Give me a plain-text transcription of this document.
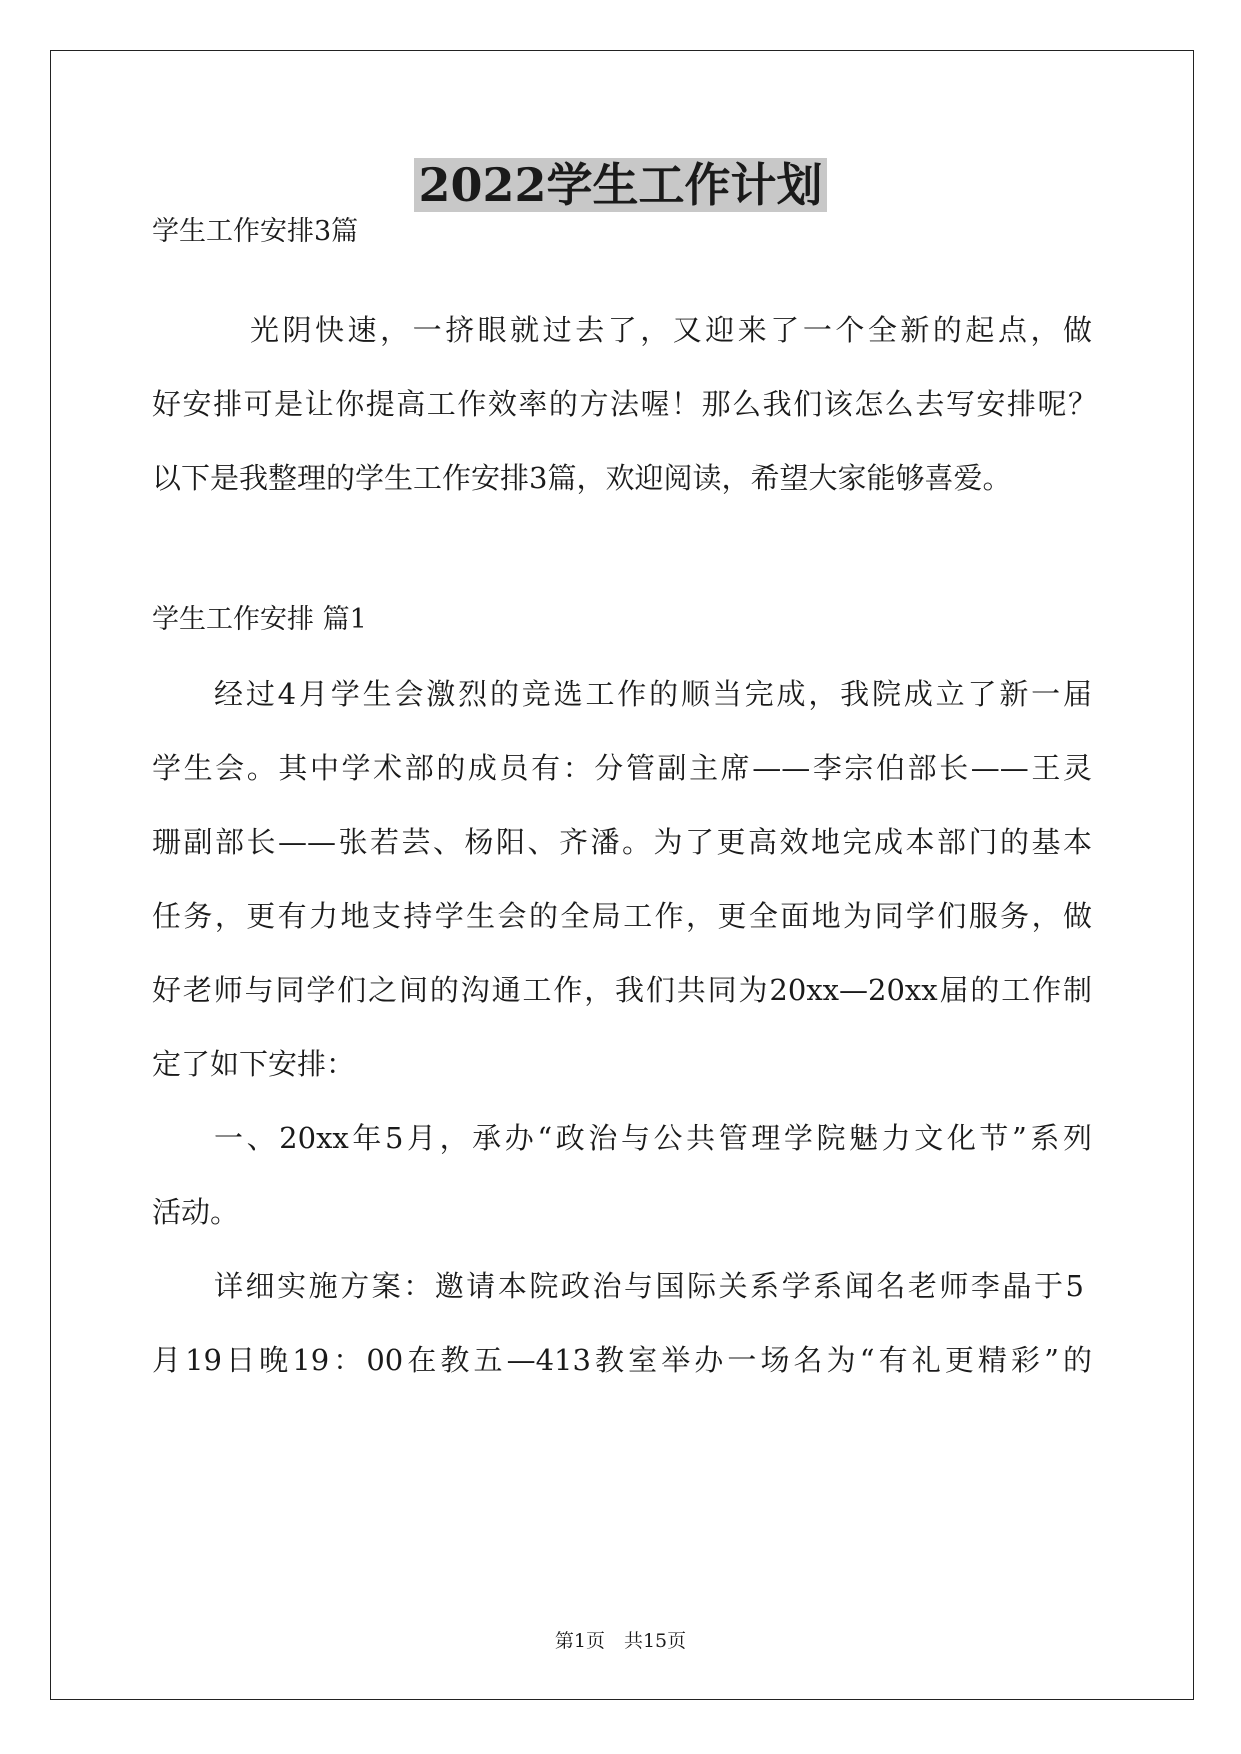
2022学生工作计划

学生工作安排3篇

光阴快速，一挤眼就过去了，又迎来了一个全新的起点，做

好安排可是让你提高工作效率的方法喔！那么我们该怎么去写安排呢？

以下是我整理的学生工作安排3篇，欢迎阅读，希望大家能够喜爱。

学生工作安排 篇1

经过4月学生会激烈的竞选工作的顺当完成，我院成立了新一届

学生会。其中学术部的成员有：分管副主席——李宗伯部长——王灵

珊副部长——张若芸、杨阳、齐潘。为了更高效地完成本部门的基本

任务，更有力地支持学生会的全局工作，更全面地为同学们服务，做

好老师与同学们之间的沟通工作，我们共同为20xx—20xx届的工作制

定了如下安排：

一、20xx年5月，承办“政治与公共管理学院魅力文化节”系列

活动。

详细实施方案：邀请本院政治与国际关系学系闻名老师李晶于5

月19日晚19：00在教五—413教室举办一场名为“有礼更精彩”的

第1页　共15页
